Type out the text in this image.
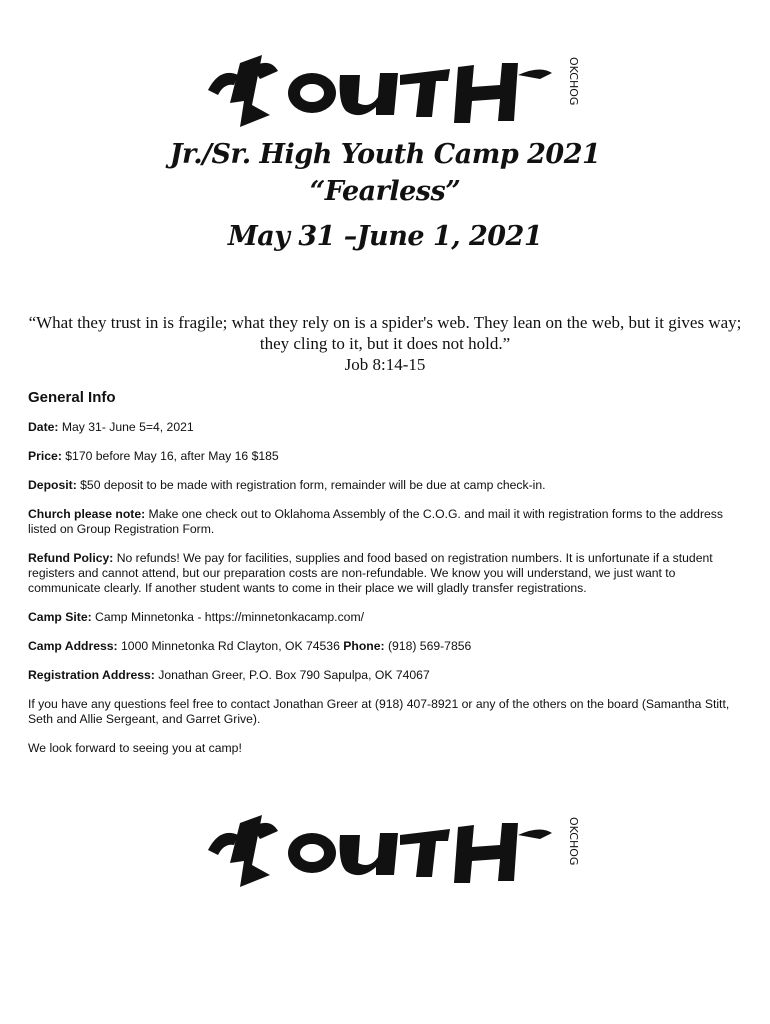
OKCHOG
Jr./Sr. High Youth Camp 2021
“Fearless”
May 31 –June 1, 2021
“What they trust in is fragile; what they rely on is a spider's web. They lean on the web, but it gives way; they cling to it, but it does not hold.”
Job 8:14-15
General Info

Date: May 31- June 5=4, 2021

Price: $170 before May 16, after May 16 $185

Deposit: $50 deposit to be made with registration form, remainder will be due at camp check-in.

Church please note: Make one check out to Oklahoma Assembly of the C.O.G. and mail it with registration forms to the address listed on Group Registration Form.

Refund Policy: No refunds! We pay for facilities, supplies and food based on registration numbers. It is unfortunate if a student registers and cannot attend, but our preparation costs are non-refundable. We know you will understand, we just want to communicate clearly. If another student wants to come in their place we will gladly transfer registrations.

Camp Site: Camp Minnetonka - https://minnetonkacamp.com/

Camp Address: 1000 Minnetonka Rd Clayton, OK 74536 Phone: (918) 569-7856

Registration Address: Jonathan Greer, P.O. Box 790 Sapulpa, OK 74067

If you have any questions feel free to contact Jonathan Greer at (918) 407-8921 or any of the others on the board (Samantha Stitt, Seth and Allie Sergeant, and Garret Grive).

We look forward to seeing you at camp!

OKCHOG
